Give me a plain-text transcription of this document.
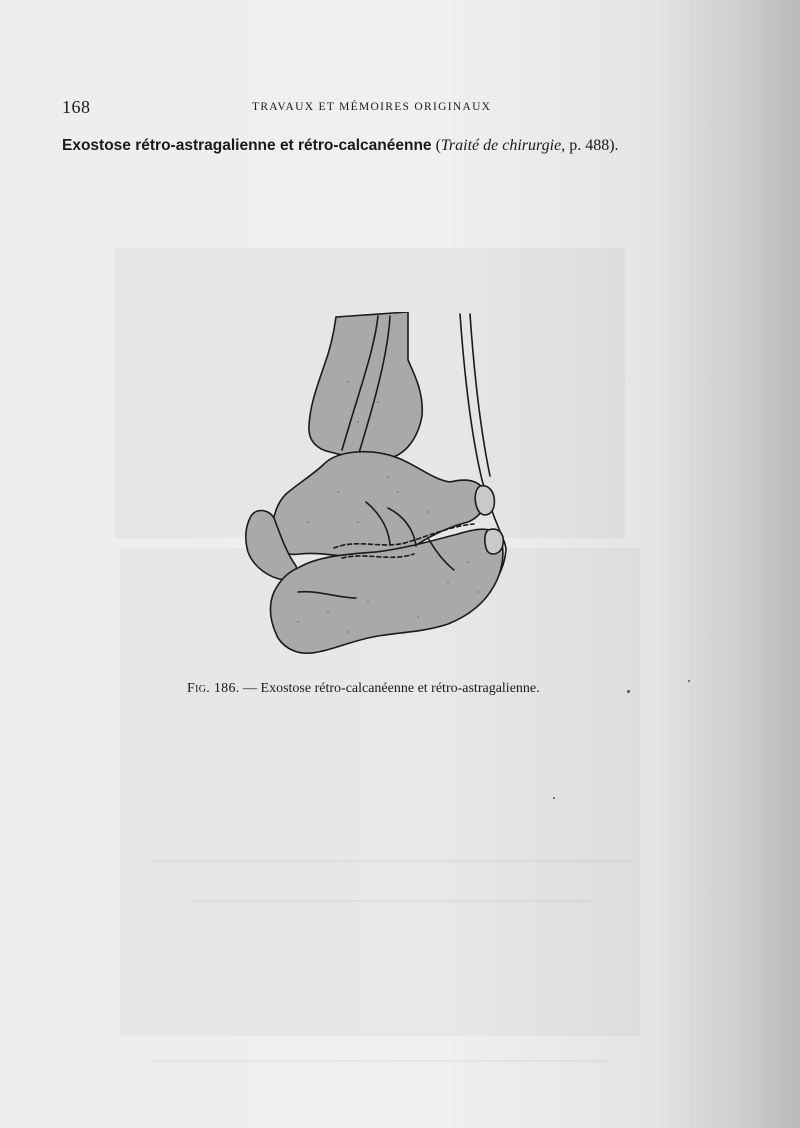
168	TRAVAUX ET MÉMOIRES ORIGINAUX
Exostose rétro-astragalienne et rétro-calcanéenne (Traité de chirurgie, p. 488).
Fig. 186. — Exostose rétro-calcanéenne et rétro-astragalienne.
